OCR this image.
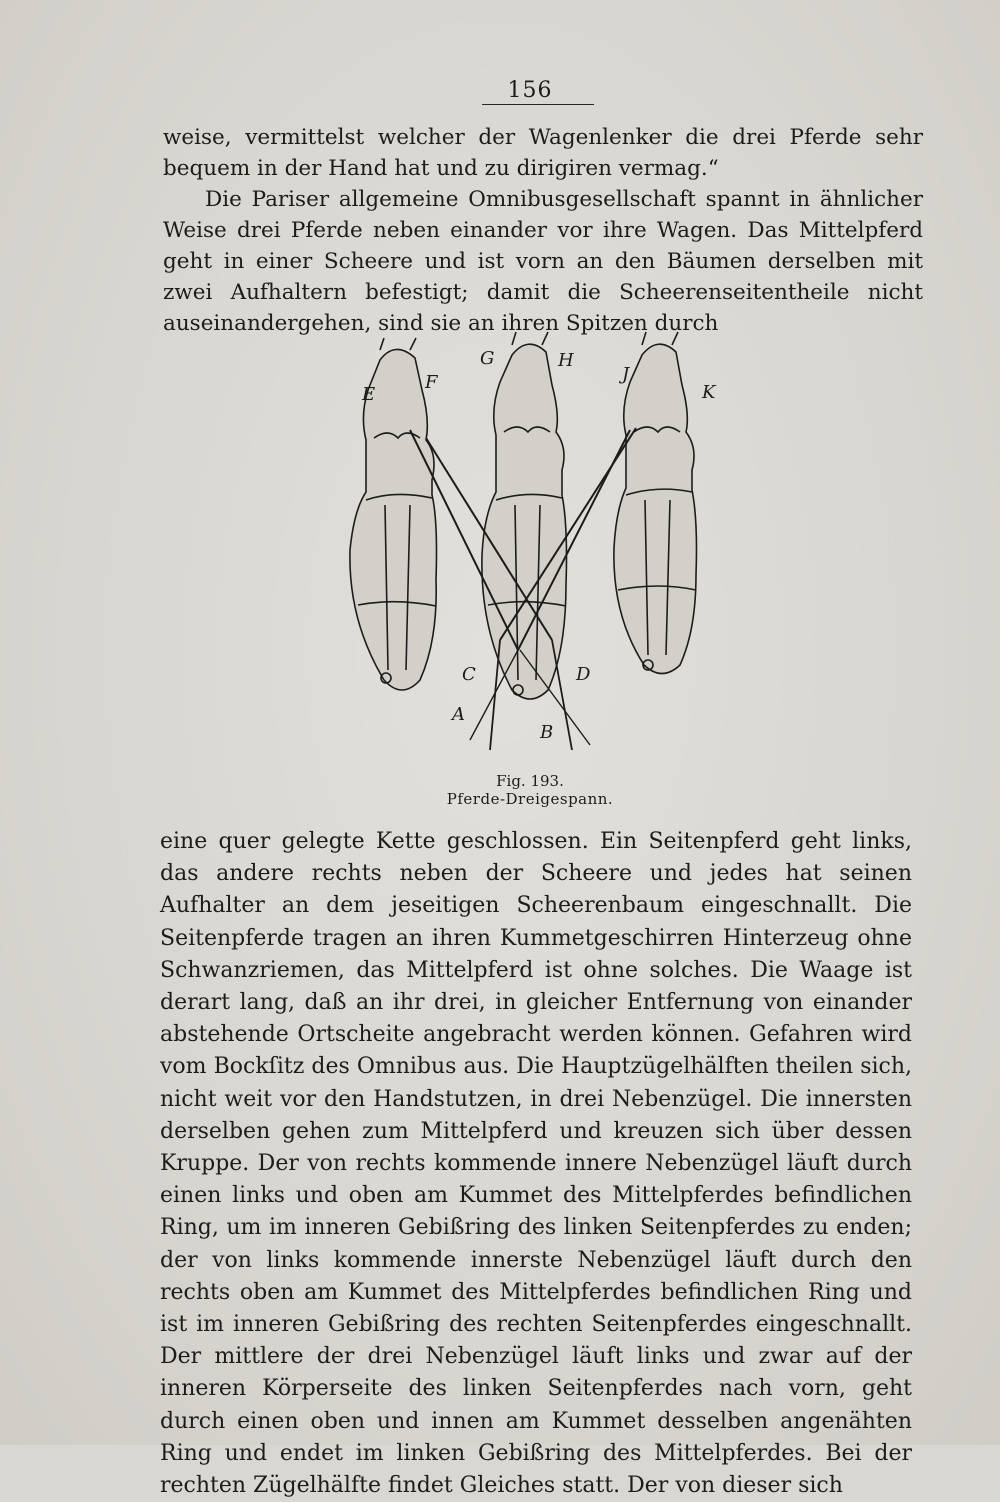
156

weise, vermittelst welcher der Wagenlenker die drei Pferde sehr bequem in der Hand hat und zu dirigiren vermag.“

Die Pariser allgemeine Omnibusgesellschaft spannt in ähnlicher Weise drei Pferde neben einander vor ihre Wagen. Das Mittelpferd geht in einer Scheere und ist vorn an den Bäumen derselben mit zwei Aufhaltern befestigt; damit die Scheerenseitentheile nicht auseinandergehen, sind sie an ihren Spitzen durch

E
F
G	H
J
K
C
A
D
B
Fig. 193.
Pferde-Dreigespann.

eine quer gelegte Kette geschlossen. Ein Seitenpferd geht links, das andere rechts neben der Scheere und jedes hat seinen Aufhalter an dem jeseitigen Scheerenbaum eingeschnallt. Die Seitenpferde tragen an ihren Kummetgeschirren Hinterzeug ohne Schwanzriemen, das Mittelpferd ist ohne solches. Die Waage ist derart lang, daß an ihr drei, in gleicher Entfernung von einander abstehende Ortscheite angebracht werden können. Gefahren wird vom Bockſitz des Omnibus aus. Die Hauptzügelhälften theilen sich, nicht weit vor den Handstutzen, in drei Nebenzügel. Die innersten derselben gehen zum Mittelpferd und kreuzen sich über dessen Kruppe. Der von rechts kommende innere Nebenzügel läuft durch einen links und oben am Kummet des Mittelpferdes befindlichen Ring, um im inneren Gebißring des linken Seitenpferdes zu enden; der von links kommende innerste Nebenzügel läuft durch den rechts oben am Kummet des Mittelpferdes befindlichen Ring und ist im inneren Gebißring des rechten Seitenpferdes eingeschnallt. Der mittlere der drei Nebenzügel läuft links und zwar auf der inneren Körperseite des linken Seitenpferdes nach vorn, geht durch einen oben und innen am Kummet desselben angenähten Ring und endet im linken Gebißring des Mittelpferdes. Bei der rechten Zügelhälfte findet Gleiches statt. Der von dieser sich
